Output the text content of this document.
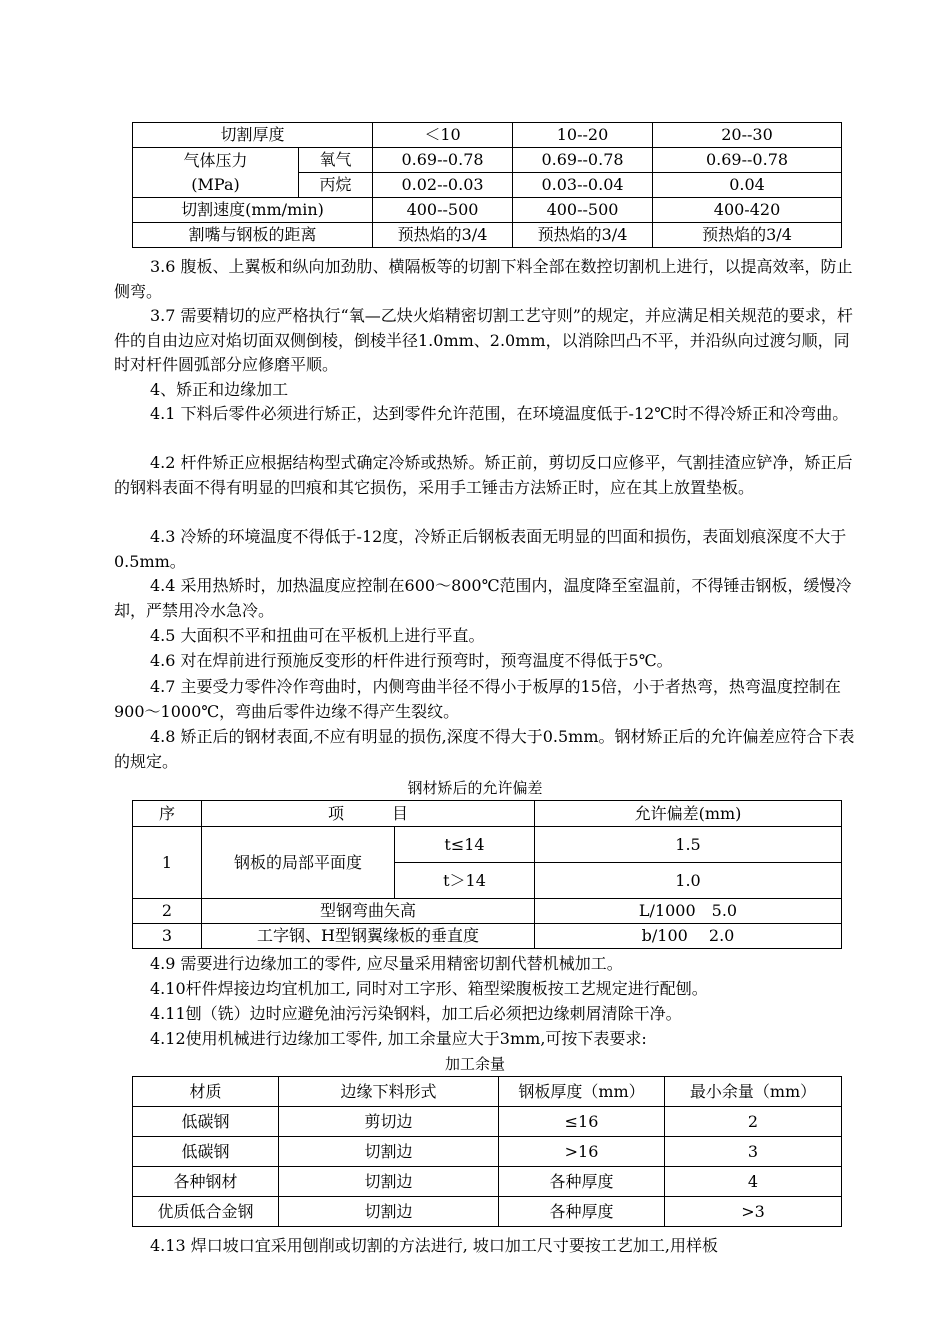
切割厚度		＜10	10--20	20--30

气体压力
(MPa)	氧气	0.69--0.78	0.69--0.78	0.69--0.78
	丙烷	0.02--0.03	0.03--0.04	0.04
切割速度(mm/min)		400--500	400--500	400-420
割嘴与钢板的距离		预热焰的3/4	预热焰的3/4	预热焰的3/4
3.6 腹板、上翼板和纵向加劲肋、横隔板等的切割下料全部在数控切割机上进行，以提高效率，防止侧弯。
3.7 需要精切的应严格执行“氧—乙炔火焰精密切割工艺守则”的规定，并应满足相关规范的要求，杆件的自由边应对焰切面双侧倒棱，倒棱半径1.0mm、2.0mm，以消除凹凸不平，并沿纵向过渡匀顺，同时对杆件圆弧部分应修磨平顺。
4、矫正和边缘加工
4.1 下料后零件必须进行矫正，达到零件允许范围，在环境温度低于-12℃时不得冷矫正和冷弯曲。
4.2 杆件矫正应根据结构型式确定冷矫或热矫。矫正前，剪切反口应修平，气割挂渣应铲净，矫正后的钢料表面不得有明显的凹痕和其它损伤，采用手工锤击方法矫正时，应在其上放置垫板。
4.3 冷矫的环境温度不得低于-12度，冷矫正后钢板表面无明显的凹面和损伤，表面划痕深度不大于0.5mm。
4.4 采用热矫时，加热温度应控制在600～800℃范围内，温度降至室温前，不得锤击钢板，缓慢冷却，严禁用冷水急冷。
4.5 大面积不平和扭曲可在平板机上进行平直。
4.6 对在焊前进行预施反变形的杆件进行预弯时，预弯温度不得低于5℃。
4.7 主要受力零件冷作弯曲时，内侧弯曲半径不得小于板厚的15倍，小于者热弯，热弯温度控制在900～1000℃，弯曲后零件边缘不得产生裂纹。
4.8 矫正后的钢材表面,不应有明显的损伤,深度不得大于0.5mm。钢材矫正后的允许偏差应符合下表的规定。
钢材矫后的允许偏差
序	项　　　目		允许偏差(mm)
1	钢板的局部平面度	t≤14	1.5
		t＞14	1.0
2	型钢弯曲矢高		L/1000　5.0
3	工字钢、H型钢翼缘板的垂直度		b/100　 2.0
4.9 需要进行边缘加工的零件, 应尽量采用精密切割代替机械加工。
4.10杆件焊接边均宜机加工, 同时对工字形、箱型梁腹板按工艺规定进行配刨。
4.11刨（铣）边时应避免油污污染钢料，加工后必须把边缘刺屑清除干净。
4.12使用机械进行边缘加工零件, 加工余量应大于3mm,可按下表要求:
加工余量
材质	边缘下料形式	钢板厚度（mm）	最小余量（mm）
低碳钢	剪切边	≤16	2
低碳钢	切割边	>16	3
各种钢材	切割边	各种厚度	4
优质低合金钢	切割边	各种厚度	>3
4.13 焊口坡口宜采用刨削或切割的方法进行, 坡口加工尺寸要按工艺加工,用样板
